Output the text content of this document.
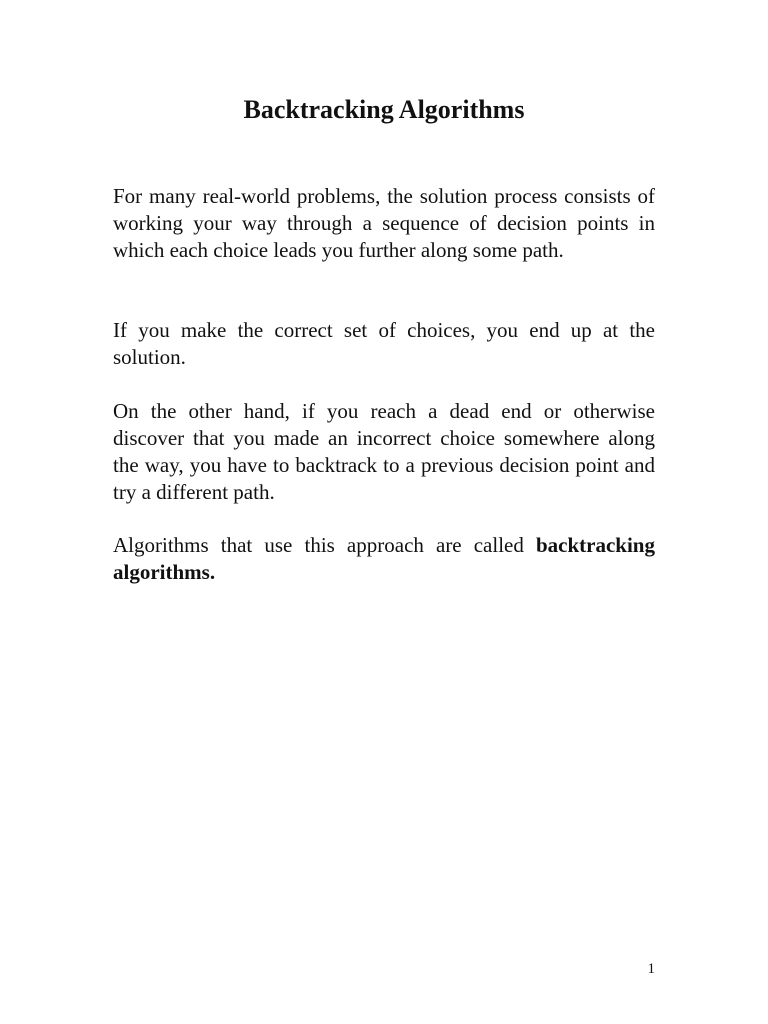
Backtracking Algorithms

For many real-world problems, the solution process consists of working your way through a sequence of decision points in which each choice leads you further along some path.

If you make the correct set of choices, you end up at the solution.

On the other hand, if you reach a dead end or otherwise discover that you made an incorrect choice somewhere along the way, you have to backtrack to a previous decision point and try a different path.

Algorithms that use this approach are called backtracking algorithms.

1
